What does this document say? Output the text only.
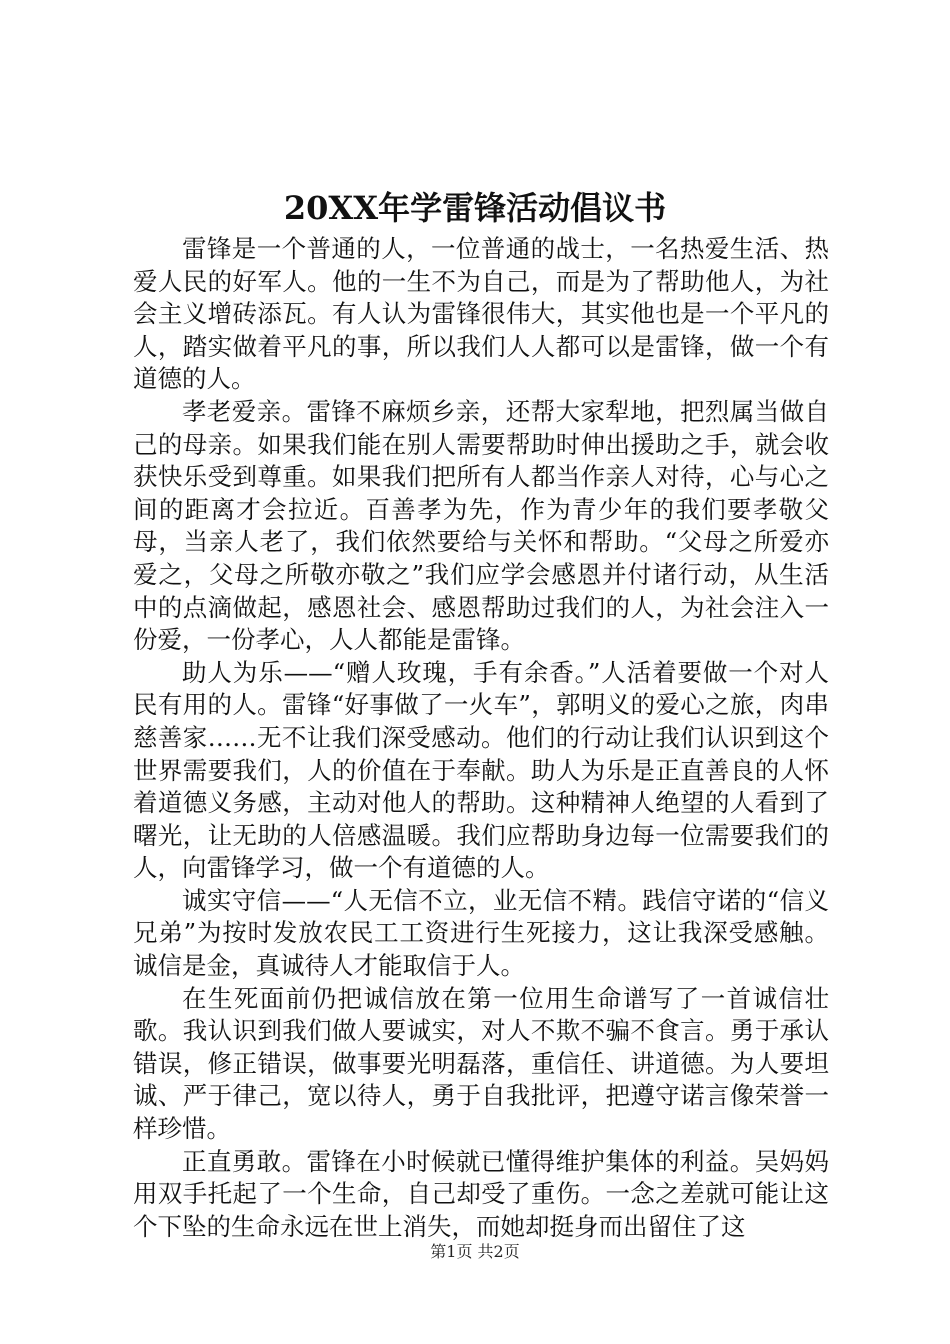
20XX年学雷锋活动倡议书

雷锋是一个普通的人，一位普通的战士，一名热爱生活、热爱人民的好军人。他的一生不为自己，而是为了帮助他人，为社会主义增砖添瓦。有人认为雷锋很伟大，其实他也是一个平凡的人，踏实做着平凡的事，所以我们人人都可以是雷锋，做一个有道德的人。

孝老爱亲。雷锋不麻烦乡亲，还帮大家犁地，把烈属当做自己的母亲。如果我们能在别人需要帮助时伸出援助之手，就会收获快乐受到尊重。如果我们把所有人都当作亲人对待，心与心之间的距离才会拉近。百善孝为先，作为青少年的我们要孝敬父母，当亲人老了，我们依然要给与关怀和帮助。“父母之所爱亦爱之，父母之所敬亦敬之”我们应学会感恩并付诸行动，从生活中的点滴做起，感恩社会、感恩帮助过我们的人，为社会注入一份爱，一份孝心，人人都能是雷锋。

助人为乐——“赠人玫瑰，手有余香。”人活着要做一个对人民有用的人。雷锋“好事做了一火车”，郭明义的爱心之旅，肉串慈善家……无不让我们深受感动。他们的行动让我们认识到这个世界需要我们，人的价值在于奉献。助人为乐是正直善良的人怀着道德义务感，主动对他人的帮助。这种精神人绝望的人看到了曙光，让无助的人倍感温暖。我们应帮助身边每一位需要我们的人，向雷锋学习，做一个有道德的人。

诚实守信——“人无信不立，业无信不精。践信守诺的“信义兄弟”为按时发放农民工工资进行生死接力，这让我深受感触。诚信是金，真诚待人才能取信于人。

在生死面前仍把诚信放在第一位用生命谱写了一首诚信壮歌。我认识到我们做人要诚实，对人不欺不骗不食言。勇于承认错误，修正错误，做事要光明磊落，重信任、讲道德。为人要坦诚、严于律己，宽以待人，勇于自我批评，把遵守诺言像荣誉一样珍惜。

正直勇敢。雷锋在小时候就已懂得维护集体的利益。吴妈妈用双手托起了一个生命，自己却受了重伤。一念之差就可能让这个下坠的生命永远在世上消失，而她却挺身而出留住了这

第1页 共2页
